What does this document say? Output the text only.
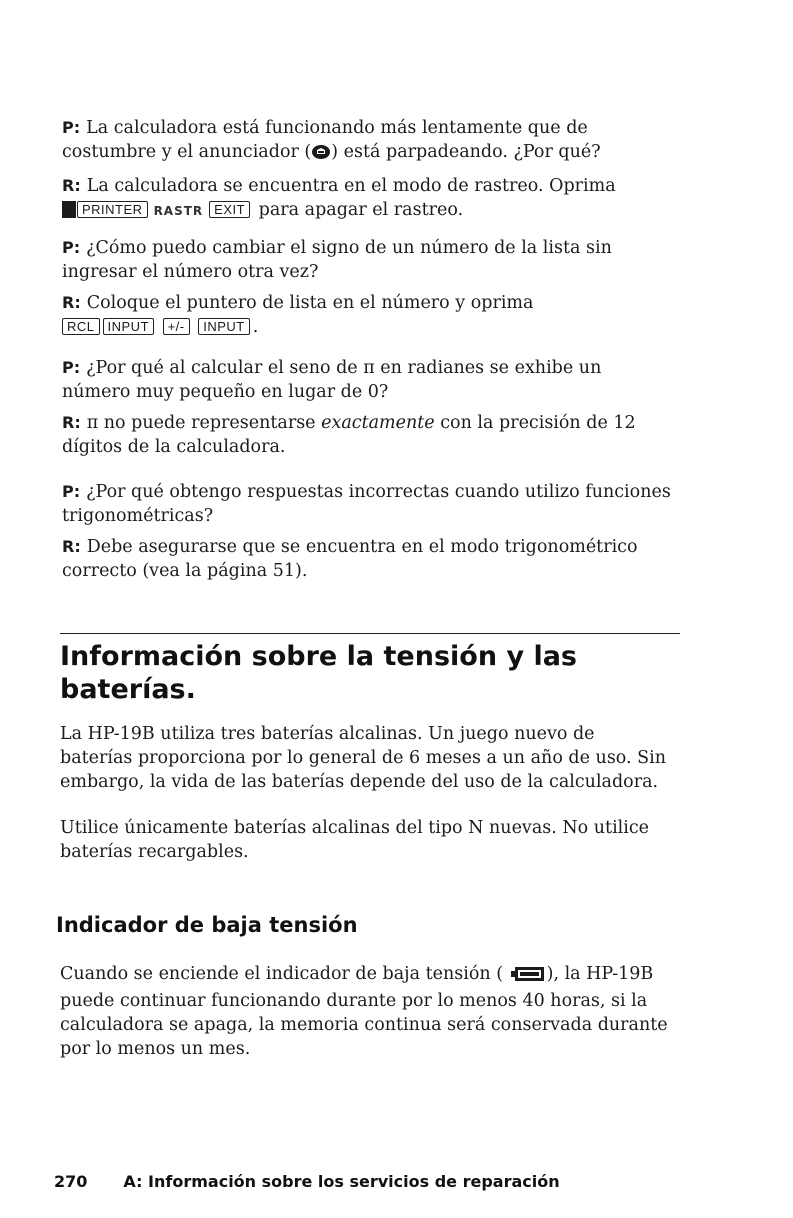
P: La calculadora está funcionando más lentamente que de costumbre y el anunciador ( ) está parpadeando. ¿Por qué?

R: La calculadora se encuentra en el modo de rastreo. Oprima
PRINTER RASTR EXIT para apagar el rastreo.

P: ¿Cómo puedo cambiar el signo de un número de la lista sin ingresar el número otra vez?

R: Coloque el puntero de lista en el número y oprima
RCL INPUT +/- INPUT .

P: ¿Por qué al calcular el seno de π en radianes se exhibe un número muy pequeño en lugar de 0?

R: π no puede representarse exactamente con la precisión de 12 dígitos de la calculadora.

P: ¿Por qué obtengo respuestas incorrectas cuando utilizo funciones trigonométricas?

R: Debe asegurarse que se encuentra en el modo trigonométrico correcto (vea la página 51).

Información sobre la tensión y las baterías.

La HP-19B utiliza tres baterías alcalinas. Un juego nuevo de baterías proporciona por lo general de 6 meses a un año de uso. Sin embargo, la vida de las baterías depende del uso de la calculadora.

Utilice únicamente baterías alcalinas del tipo N nuevas. No utilice baterías recargables.

Indicador de baja tensión

Cuando se enciende el indicador de baja tensión ( ), la HP-19B puede continuar funcionando durante por lo menos 40 horas, si la calculadora se apaga, la memoria continua será conservada durante por lo menos un mes.

270 A: Información sobre los servicios de reparación
